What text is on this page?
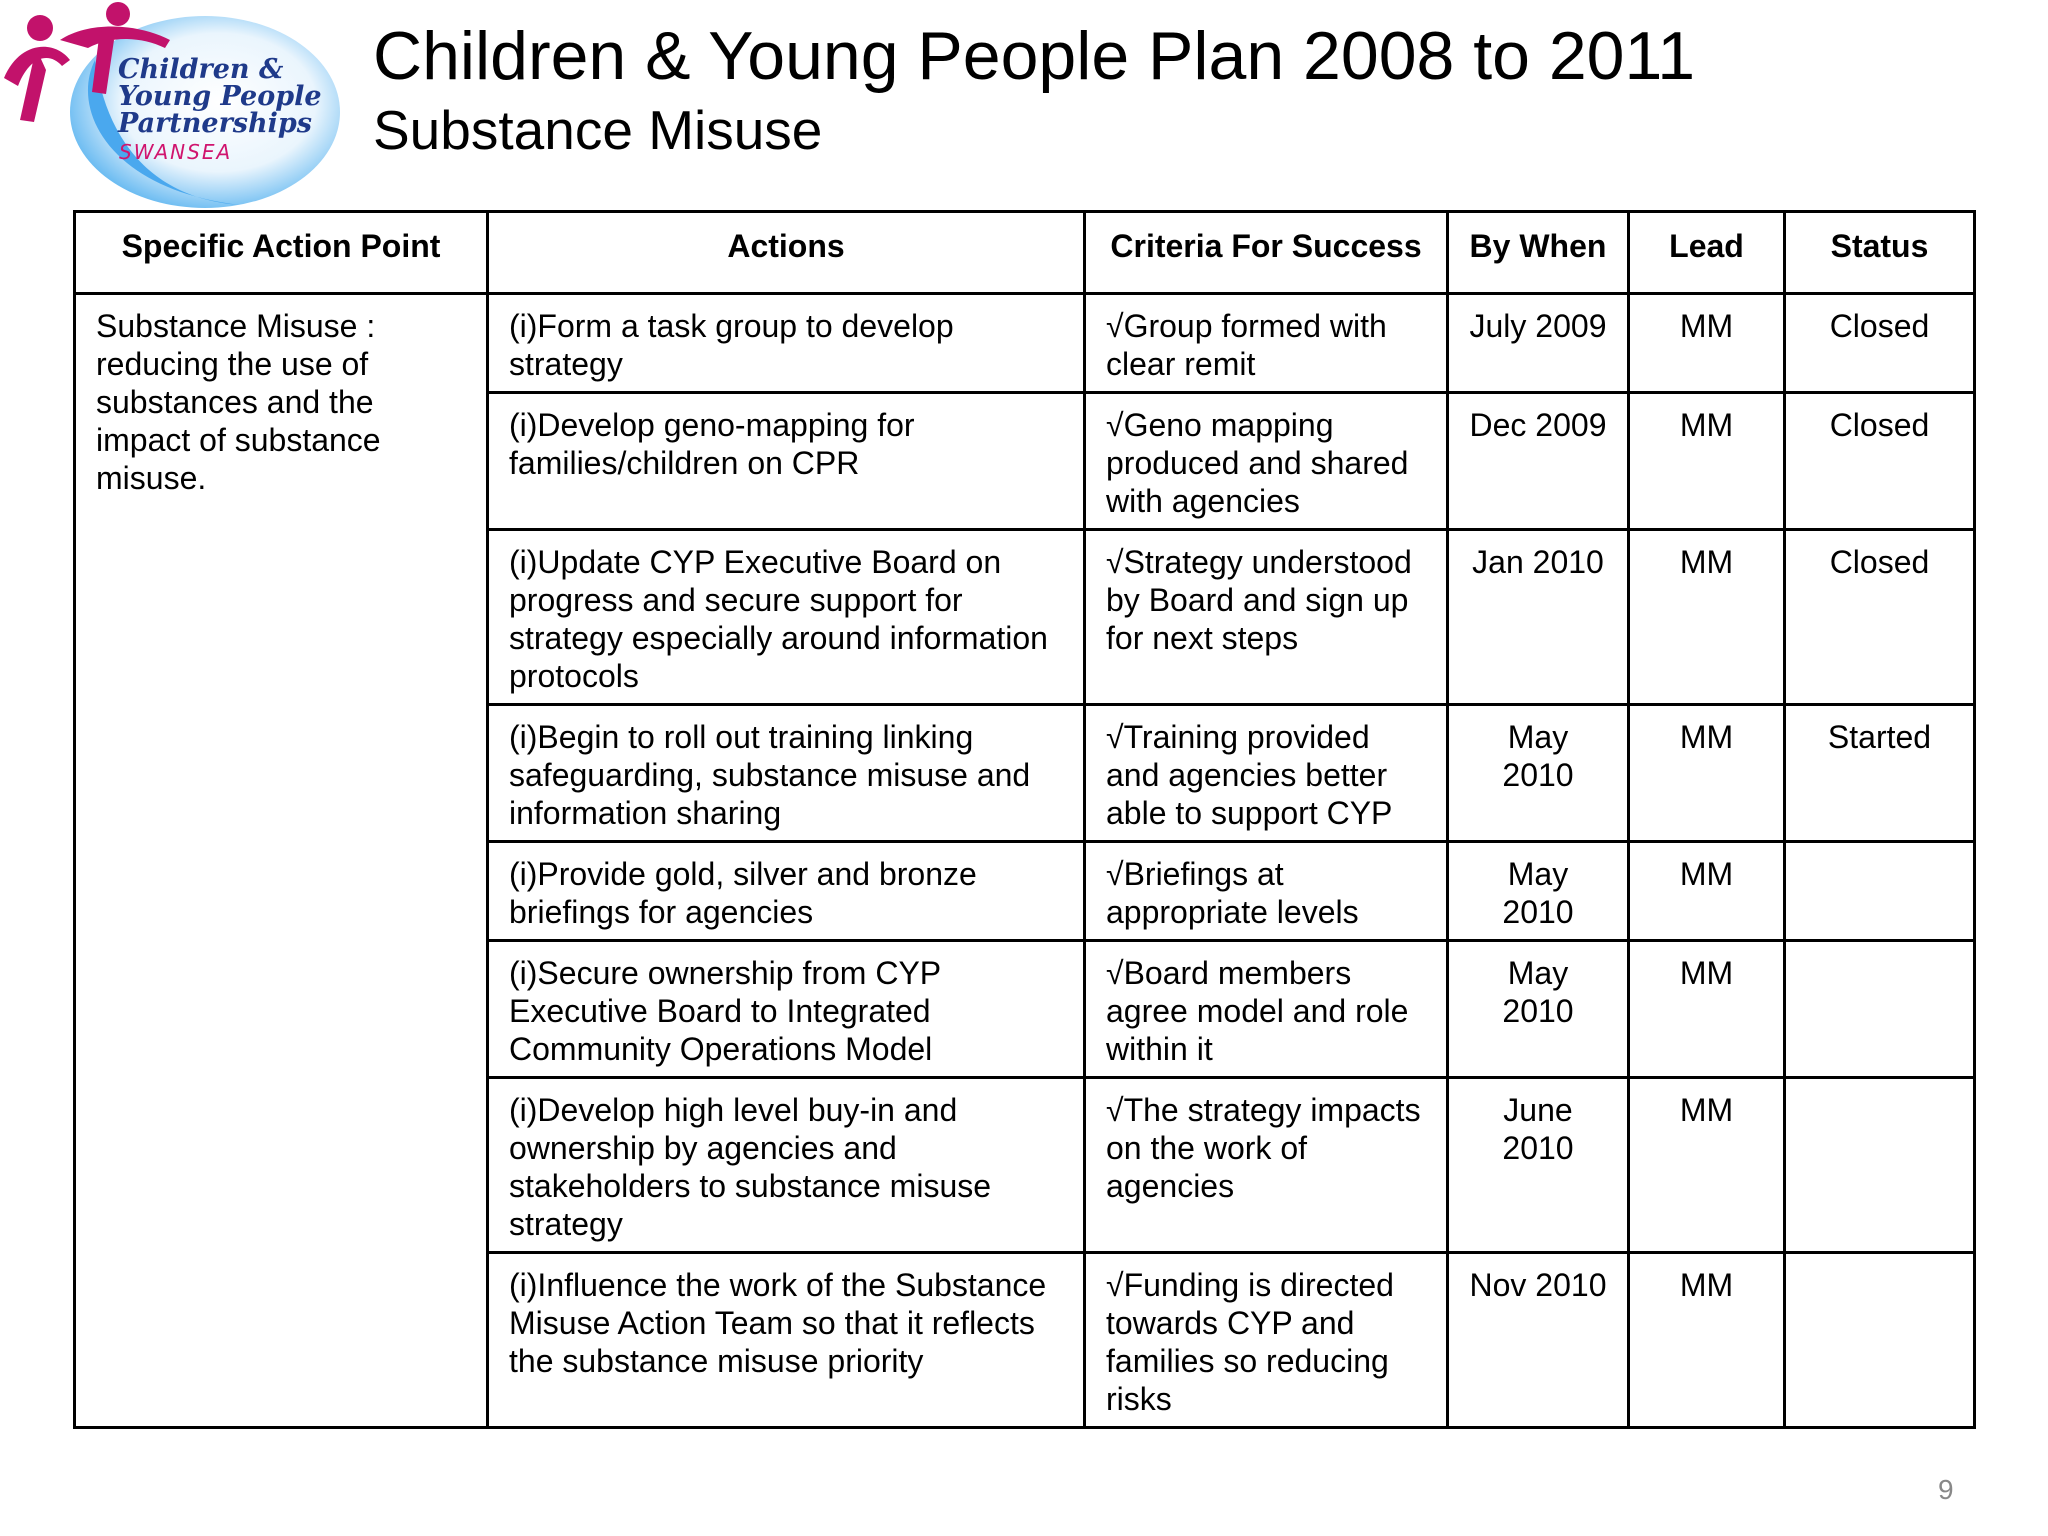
Children &
Young People
Partnerships
SWANSEA
Children & Young People Plan 2008 to 2011
Substance Misuse
Specific Action Point	Actions	Criteria For Success	By When	Lead	Status
Substance Misuse : reducing the use of substances and the impact of substance misuse.	(i)Form a task group to develop strategy	√Group formed with clear remit	July 2009	MM	Closed
	(i)Develop geno-mapping for families/children on CPR	√Geno mapping produced and shared with agencies	Dec 2009	MM	Closed
	(i)Update CYP Executive Board on progress and secure support for strategy especially around information protocols	√Strategy understood by Board and sign up for next steps	Jan 2010	MM	Closed
	(i)Begin to roll out training linking safeguarding, substance misuse and information sharing	√Training provided and agencies better able to support CYP	May 2010	MM	Started
	(i)Provide gold, silver and bronze briefings for agencies	√Briefings at appropriate levels	May 2010	MM	
	(i)Secure ownership from CYP Executive Board to Integrated Community Operations Model	√Board members agree model and role within it	May 2010	MM	
	(i)Develop high level buy-in and ownership by agencies and stakeholders to substance misuse strategy	√The strategy impacts on the work of agencies	June 2010	MM	
	(i)Influence the work of the Substance Misuse Action Team so that it reflects the substance misuse priority	√Funding is directed towards CYP and families so reducing risks	Nov 2010	MM	
9
